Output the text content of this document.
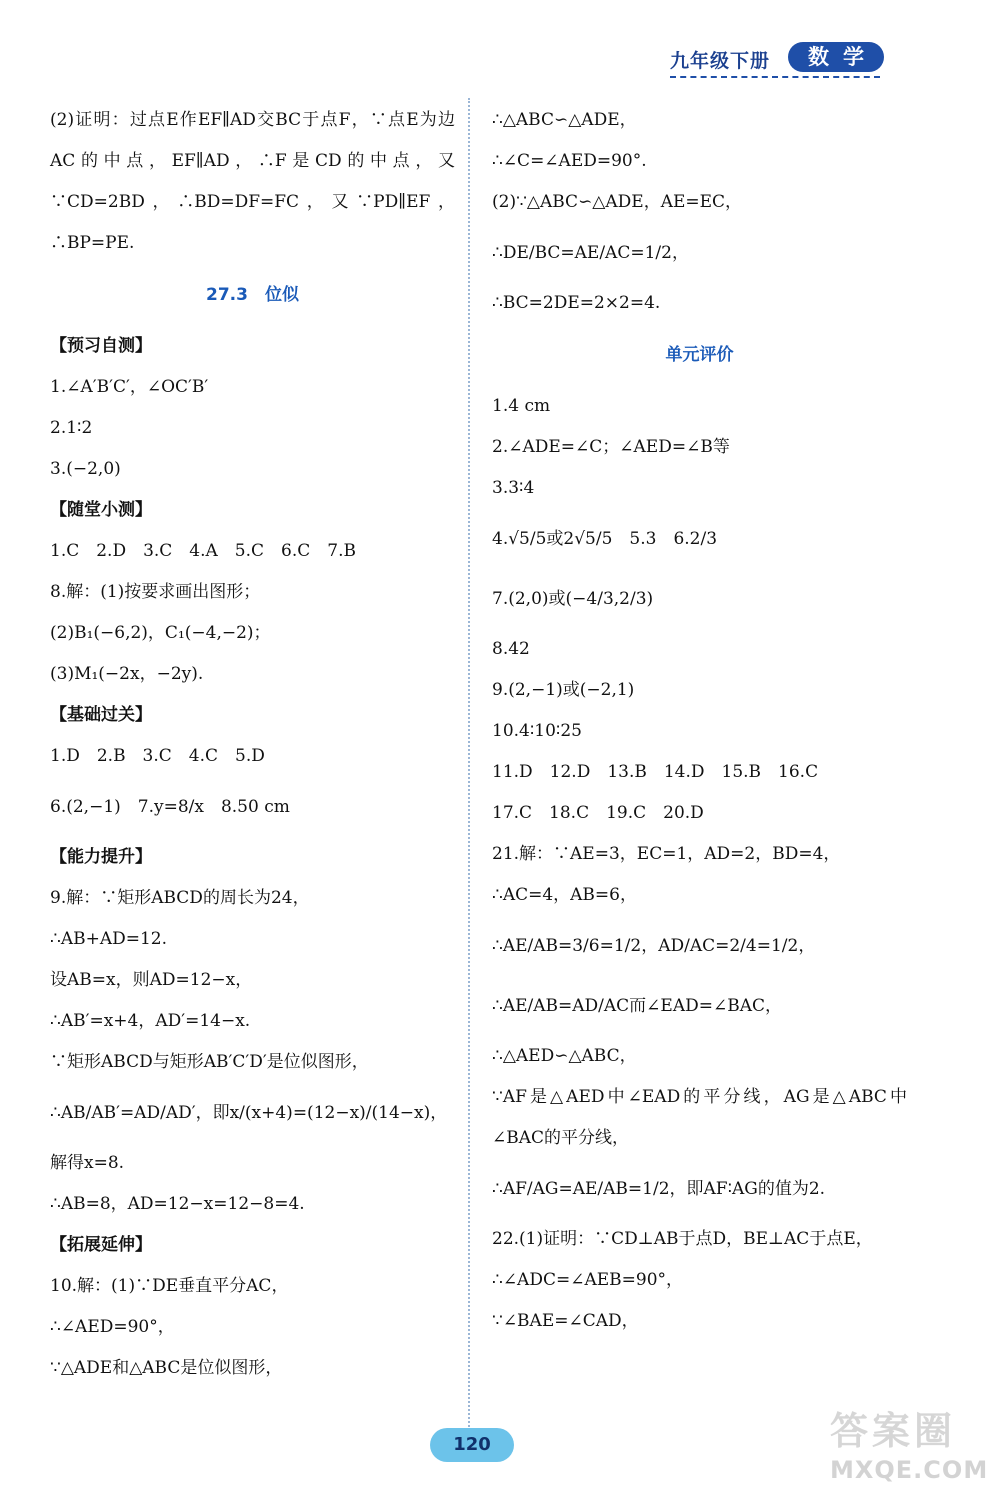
九年级下册	数学
(2)证明：过点E作EF∥AD交BC于点F，∵点E为边AC的中点，EF∥AD，∴F是CD的中点，又∵CD=2BD，∴BD=DF=FC，又∵PD∥EF，∴BP=PE.
27.3　位似
【预习自测】
1.∠A′B′C′，∠OC′B′
2.1∶2
3.(−2,0)
【随堂小测】
1.C　2.D　3.C　4.A　5.C　6.C　7.B
8.解：(1)按要求画出图形；
(2)B₁(−6,2)，C₁(−4,−2)；
(3)M₁(−2x，−2y).
【基础过关】
1.D　2.B　3.C　4.C　5.D
6.(2,−1)　7.y=8/x　8.50 cm
【能力提升】
9.解：∵矩形ABCD的周长为24，
∴AB+AD=12.
设AB=x，则AD=12−x，
∴AB′=x+4，AD′=14−x.
∵矩形ABCD与矩形AB′C′D′是位似图形，
∴AB/AB′=AD/AD′，即x/(x+4)=(12−x)/(14−x)，
解得x=8.
∴AB=8，AD=12−x=12−8=4.
【拓展延伸】
10.解：(1)∵DE垂直平分AC，
∴∠AED=90°，
∵△ADE和△ABC是位似图形，
∴△ABC∽△ADE，
∴∠C=∠AED=90°.
(2)∵△ABC∽△ADE，AE=EC，
∴DE/BC=AE/AC=1/2，
∴BC=2DE=2×2=4.
单元评价
1.4 cm
2.∠ADE=∠C；∠AED=∠B等
3.3∶4
4.√5/5或2√5/5　5.3　6.2/3
7.(2,0)或(−4/3,2/3)
8.42
9.(2,−1)或(−2,1)
10.4∶10∶25
11.D　12.D　13.B　14.D　15.B　16.C
17.C　18.C　19.C　20.D
21.解：∵AE=3，EC=1，AD=2，BD=4，
∴AC=4，AB=6，
∴AE/AB=3/6=1/2，AD/AC=2/4=1/2，
∴AE/AB=AD/AC而∠EAD=∠BAC，
∴△AED∽△ABC，
∵AF是△AED中∠EAD的平分线，AG是△ABC中∠BAC的平分线，
∴AF/AG=AE/AB=1/2，即AF∶AG的值为2.
22.(1)证明：∵CD⊥AB于点D，BE⊥AC于点E，
∴∠ADC=∠AEB=90°，
∵∠BAE=∠CAD，
120	答案圈
MXQE.COM
